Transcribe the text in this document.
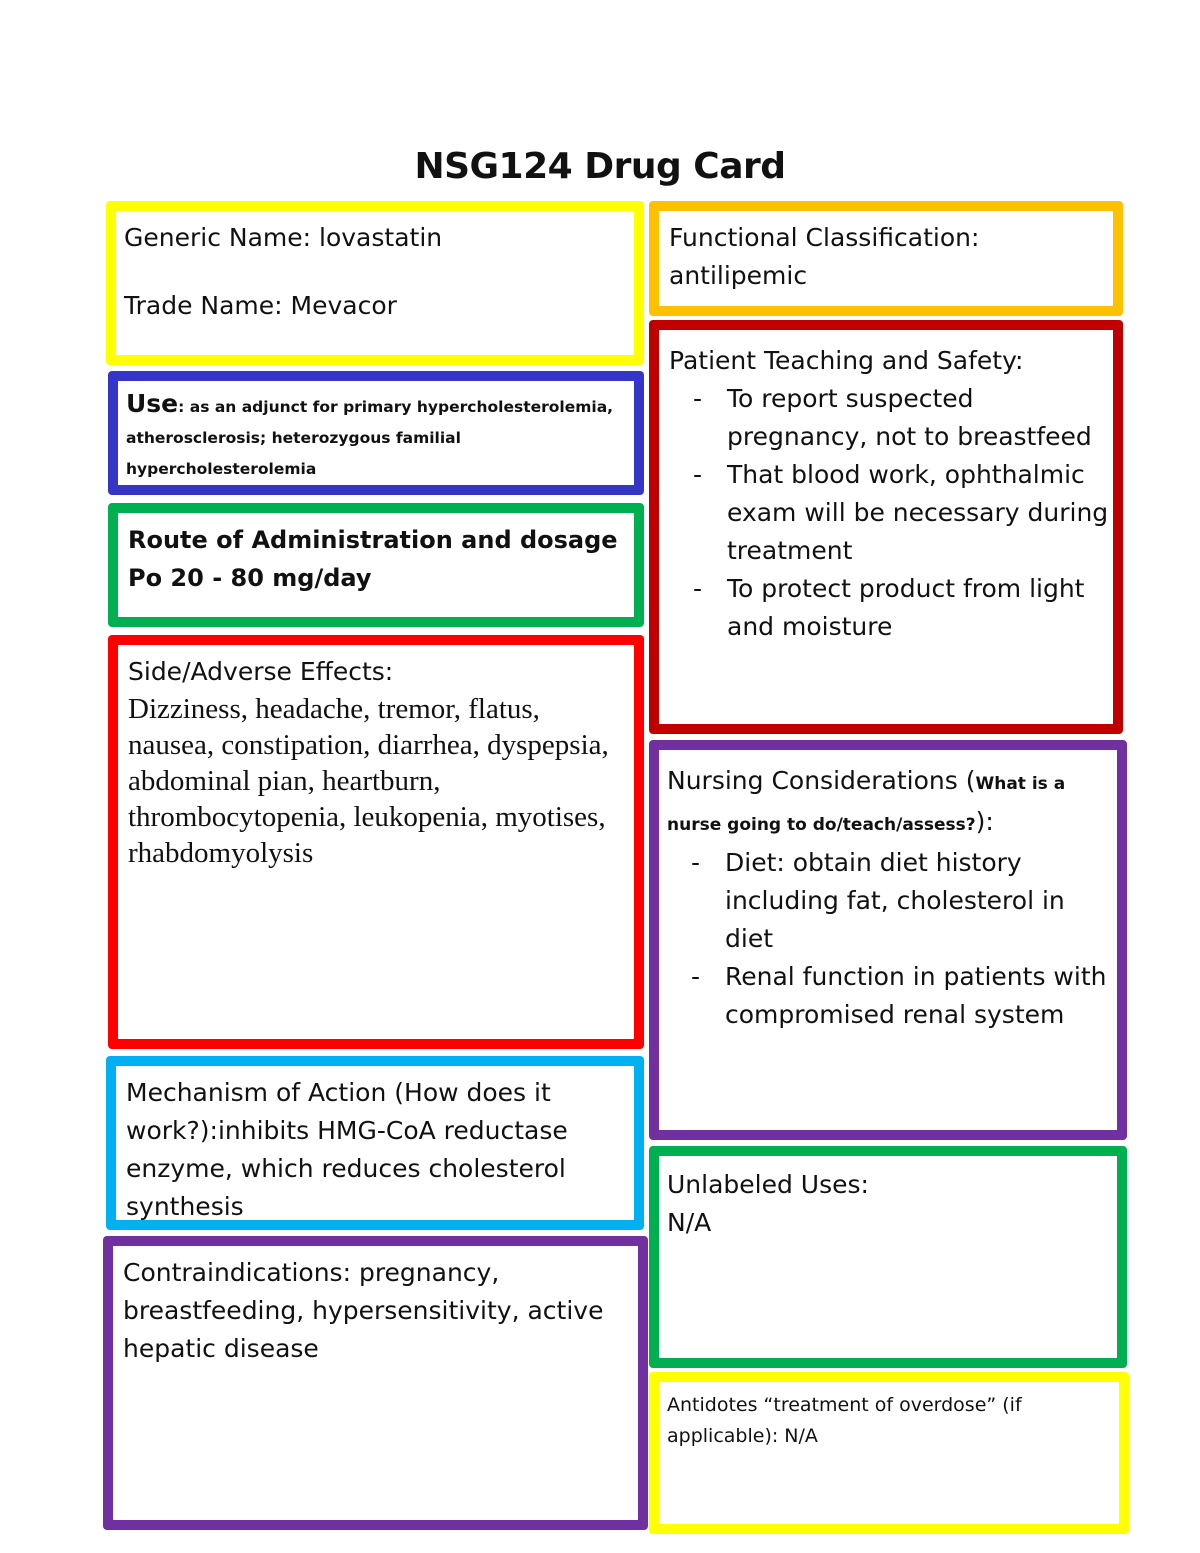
NSG124 Drug Card
Generic Name: lovastatin
Trade Name: Mevacor
Use: as an adjunct for primary hypercholesterolemia, atherosclerosis; heterozygous familial hypercholesterolemia
Route of Administration and dosage
Po 20 - 80 mg/day
Side/Adverse Effects:
Dizziness, headache, tremor, flatus, nausea, constipation, diarrhea, dyspepsia, abdominal pian, heartburn, thrombocytopenia, leukopenia, myotises, rhabdomyolysis
Mechanism of Action (How does it work?):inhibits HMG-CoA reductase enzyme, which reduces cholesterol synthesis
Contraindications: pregnancy, breastfeeding, hypersensitivity, active hepatic disease
Functional Classification:
antilipemic
Patient Teaching and Safety:
- To report suspected pregnancy, not to breastfeed
- That blood work, ophthalmic exam will be necessary during treatment
- To protect product from light and moisture
Nursing Considerations (What is a nurse going to do/teach/assess?):
- Diet: obtain diet history including fat, cholesterol in diet
- Renal function in patients with compromised renal system
Unlabeled Uses:
N/A
Antidotes “treatment of overdose” (if applicable): N/A
